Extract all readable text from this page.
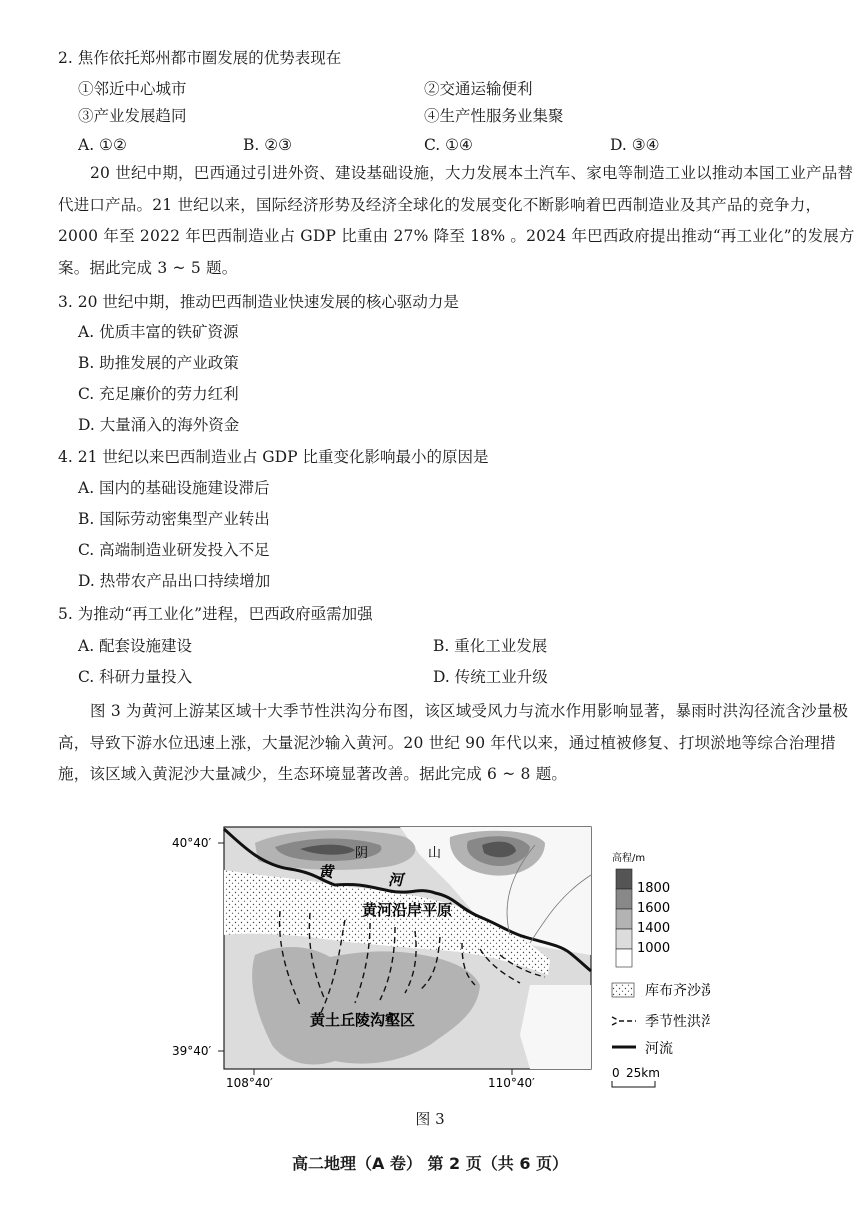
2. 焦作依托郑州都市圈发展的优势表现在
①邻近中心城市	②交通运输便利
③产业发展趋同	④生产性服务业集聚
A. ①②	B. ②③	C. ①④	D. ③④
20 世纪中期，巴西通过引进外资、建设基础设施，大力发展本土汽车、家电等制造工业以推动本国工业产品替代进口产品。21 世纪以来，国际经济形势及经济全球化的发展变化不断影响着巴西制造业及其产品的竞争力，2000 年至 2022 年巴西制造业占 GDP 比重由 27% 降至 18% 。2024 年巴西政府提出推动“再工业化”的发展方案。据此完成 3 ~ 5 题。
3. 20 世纪中期，推动巴西制造业快速发展的核心驱动力是
A. 优质丰富的铁矿资源
B. 助推发展的产业政策
C. 充足廉价的劳力红利
D. 大量涌入的海外资金
4. 21 世纪以来巴西制造业占 GDP 比重变化影响最小的原因是
A. 国内的基础设施建设滞后
B. 国际劳动密集型产业转出
C. 高端制造业研发投入不足
D. 热带农产品出口持续增加
5. 为推动“再工业化”进程，巴西政府亟需加强
A. 配套设施建设	B. 重化工业发展
C. 科研力量投入	D. 传统工业升级
图 3 为黄河上游某区域十大季节性洪沟分布图，该区域受风力与流水作用影响显著，暴雨时洪沟径流含沙量极高，导致下游水位迅速上涨，大量泥沙输入黄河。20 世纪 90 年代以来，通过植被修复、打坝淤地等综合治理措施，该区域入黄泥沙大量减少，生态环境显著改善。据此完成 6 ~ 8 题。
阴	山
黄	河
黄河沿岸平原
黄土丘陵沟壑区
40°40′
39°40′
108°40′	110°40′
高程/m
1800
1600
1400
1000
库布齐沙漠
季节性洪沟
河流
0 25km
图 3
高二地理（A 卷） 第 2 页（共 6 页）
